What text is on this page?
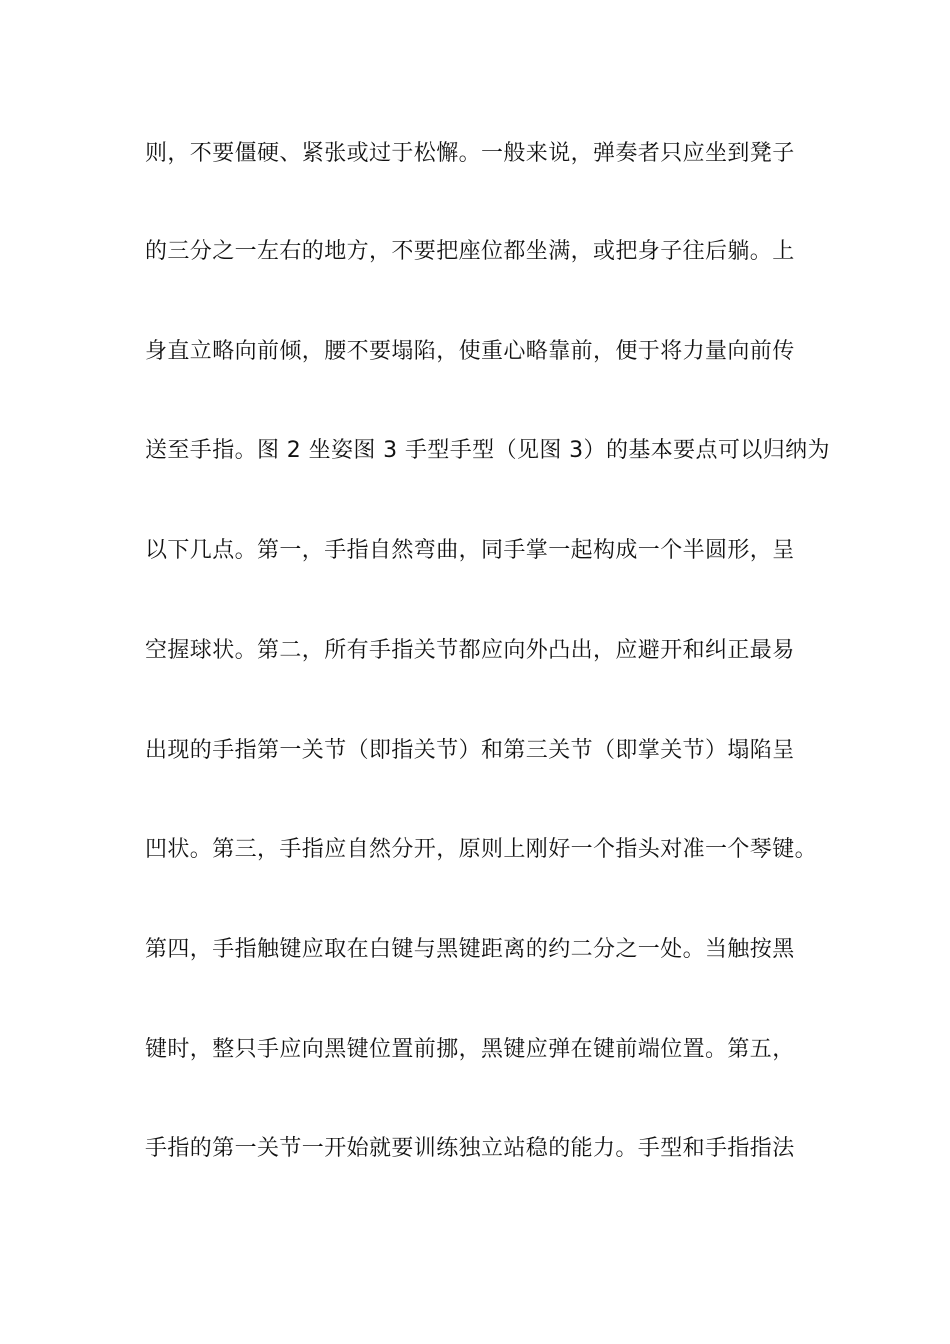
则，不要僵硬、紧张或过于松懈。一般来说，弹奏者只应坐到凳子
的三分之一左右的地方，不要把座位都坐满，或把身子往后躺。上
身直立略向前倾，腰不要塌陷，使重心略靠前，便于将力量向前传
送至手指。图 2 坐姿图 3 手型手型（见图 3）的基本要点可以归纳为
以下几点。第一，手指自然弯曲，同手掌一起构成一个半圆形，呈
空握球状。第二，所有手指关节都应向外凸出，应避开和纠正最易
出现的手指第一关节（即指关节）和第三关节（即掌关节）塌陷呈
凹状。第三，手指应自然分开，原则上刚好一个指头对准一个琴键。
第四，手指触键应取在白键与黑键距离的约二分之一处。当触按黑
键时，整只手应向黑键位置前挪，黑键应弹在键前端位置。第五，
手指的第一关节一开始就要训练独立站稳的能力。手型和手指指法
